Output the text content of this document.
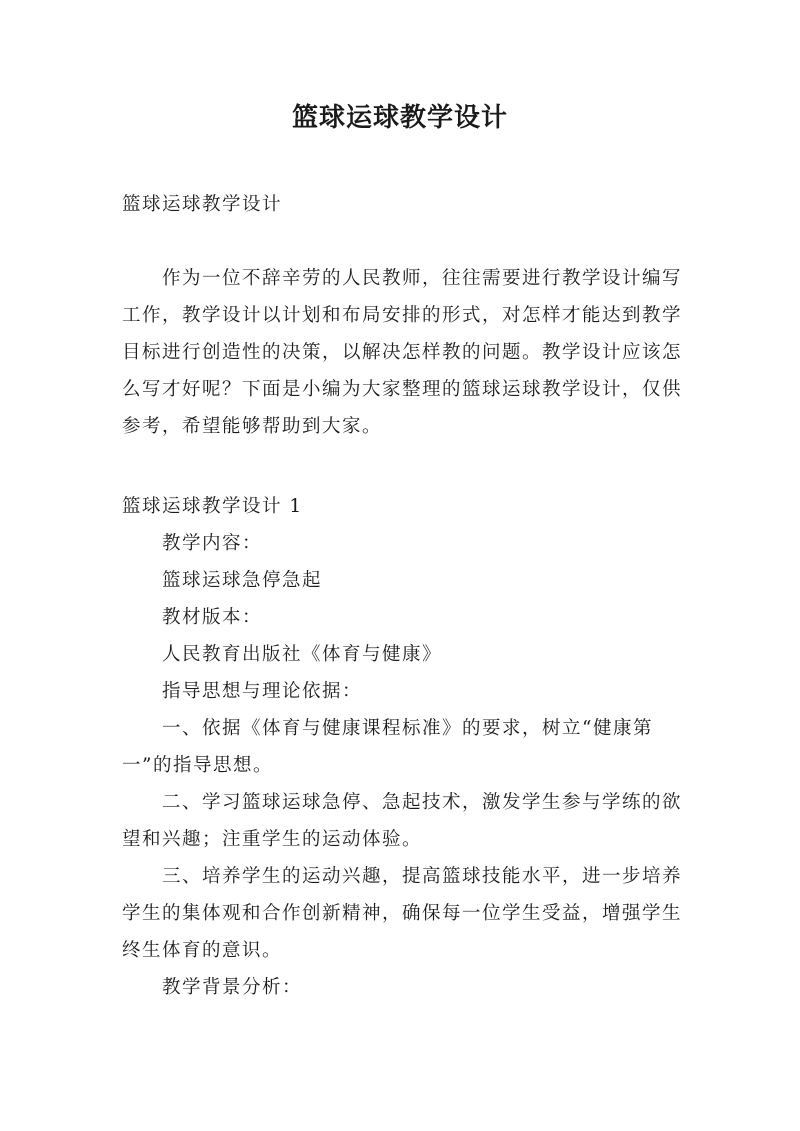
篮球运球教学设计
篮球运球教学设计
作为一位不辞辛劳的人民教师，往往需要进行教学设计编写工作，教学设计以计划和布局安排的形式，对怎样才能达到教学目标进行创造性的决策，以解决怎样教的问题。教学设计应该怎么写才好呢？下面是小编为大家整理的篮球运球教学设计，仅供参考，希望能够帮助到大家。

篮球运球教学设计 1

教学内容：

篮球运球急停急起

教材版本：

人民教育出版社《体育与健康》

指导思想与理论依据：

一、依据《体育与健康课程标准》的要求，树立“健康第一”的指导思想。

二、学习篮球运球急停、急起技术，激发学生参与学练的欲望和兴趣；注重学生的运动体验。

三、培养学生的运动兴趣，提高篮球技能水平，进一步培养学生的集体观和合作创新精神，确保每一位学生受益，增强学生终生体育的意识。

教学背景分析：
